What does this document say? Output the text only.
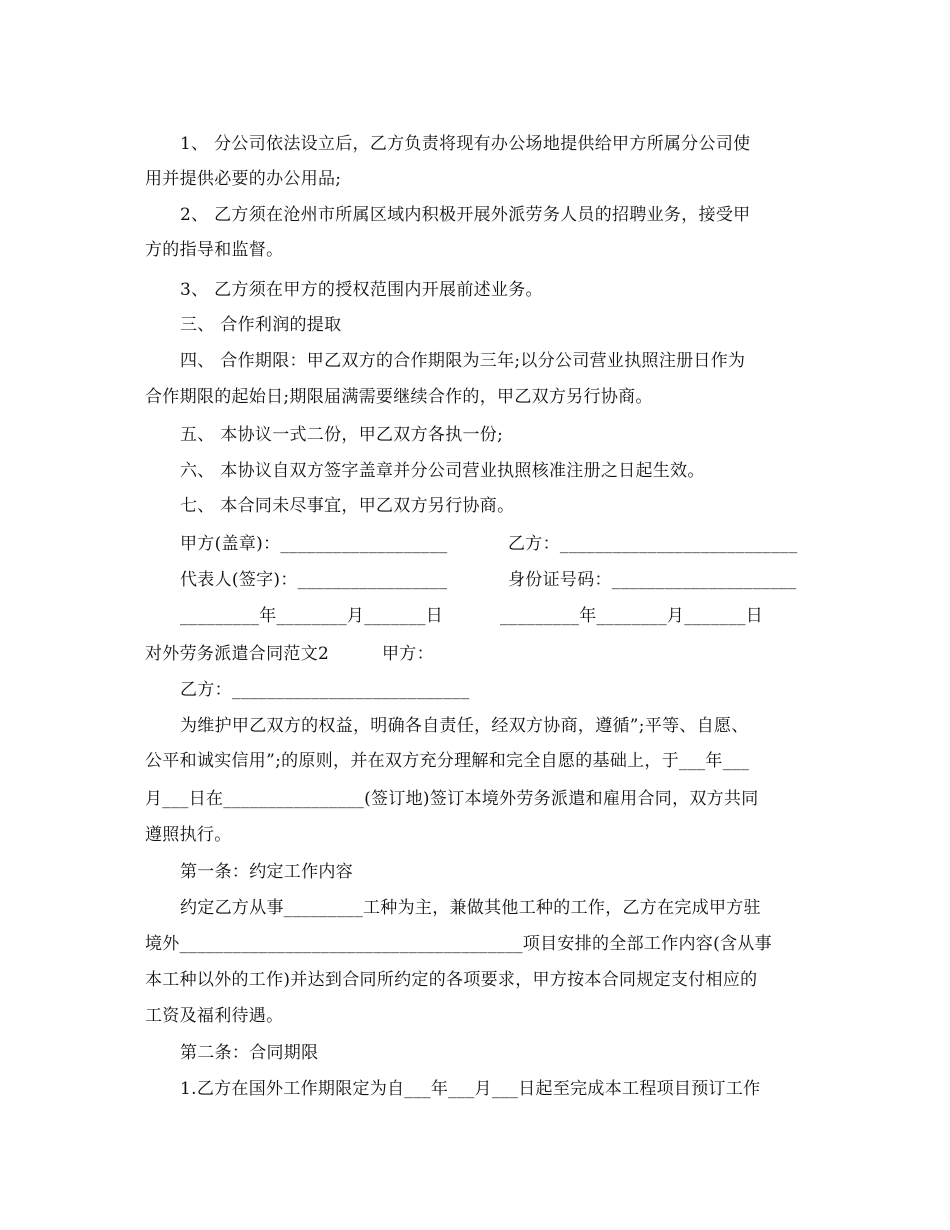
1、 分公司依法设立后，乙方负责将现有办公场地提供给甲方所属分公司使
用并提供必要的办公用品;
2、 乙方须在沧州市所属区域内积极开展外派劳务人员的招聘业务，接受甲
方的指导和监督。
3、 乙方须在甲方的授权范围内开展前述业务。
三、 合作利润的提取
四、 合作期限：甲乙双方的合作期限为三年;以分公司营业执照注册日作为
合作期限的起始日;期限届满需要继续合作的，甲乙双方另行协商。
五、 本协议一式二份，甲乙双方各执一份;
六、 本协议自双方签字盖章并分公司营业执照核准注册之日起生效。
七、 本合同未尽事宜，甲乙双方另行协商。
甲方(盖章)：___________________	乙方：___________________________
代表人(签字)：_________________	身份证号码：_____________________
_________年________月_______日	_________年________月_______日
对外劳务派遣合同范文2	甲方：
乙方：___________________________
为维护甲乙双方的权益，明确各自责任，经双方协商，遵循”;平等、自愿、
公平和诚实信用”;的原则，并在双方充分理解和完全自愿的基础上，于___年___
月___日在________________(签订地)签订本境外劳务派遣和雇用合同，双方共同
遵照执行。
第一条：约定工作内容
约定乙方从事_________工种为主，兼做其他工种的工作，乙方在完成甲方驻
境外_______________________________________项目安排的全部工作内容(含从事
本工种以外的工作)并达到合同所约定的各项要求，甲方按本合同规定支付相应的
工资及福利待遇。
第二条：合同期限
1.乙方在国外工作期限定为自___年___月___日起至完成本工程项目预订工作
